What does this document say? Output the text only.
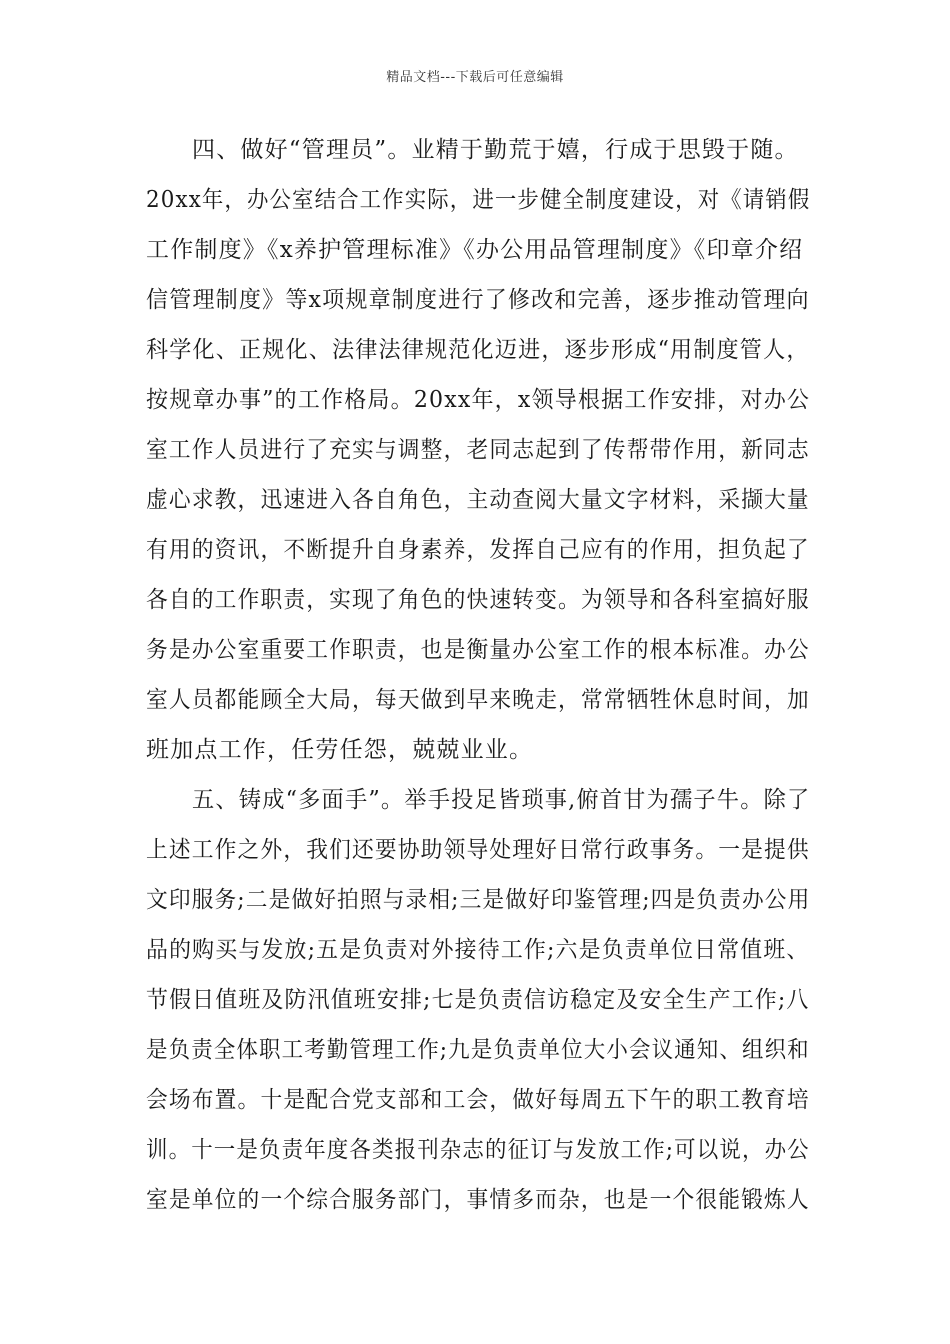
精品文档---下载后可任意编辑
四、做好“管理员”。业精于勤荒于嬉，行成于思毁于随。
20xx年，办公室结合工作实际，进一步健全制度建设，对《请销假
工作制度》《x养护管理标准》《办公用品管理制度》《印章介绍
信管理制度》等x项规章制度进行了修改和完善，逐步推动管理向
科学化、正规化、法律法律规范化迈进，逐步形成“用制度管人，
按规章办事”的工作格局。20xx年，x领导根据工作安排，对办公
室工作人员进行了充实与调整，老同志起到了传帮带作用，新同志
虚心求教，迅速进入各自角色，主动查阅大量文字材料，采撷大量
有用的资讯，不断提升自身素养，发挥自己应有的作用，担负起了
各自的工作职责，实现了角色的快速转变。为领导和各科室搞好服
务是办公室重要工作职责，也是衡量办公室工作的根本标准。办公
室人员都能顾全大局，每天做到早来晚走，常常牺牲休息时间，加
班加点工作，任劳任怨，兢兢业业。
五、铸成“多面手”。举手投足皆琐事,俯首甘为孺子牛。除了
上述工作之外，我们还要协助领导处理好日常行政事务。一是提供
文印服务;二是做好拍照与录相;三是做好印鉴管理;四是负责办公用
品的购买与发放;五是负责对外接待工作;六是负责单位日常值班、
节假日值班及防汛值班安排;七是负责信访稳定及安全生产工作;八
是负责全体职工考勤管理工作;九是负责单位大小会议通知、组织和
会场布置。十是配合党支部和工会，做好每周五下午的职工教育培
训。十一是负责年度各类报刊杂志的征订与发放工作;可以说，办公
室是单位的一个综合服务部门，事情多而杂，也是一个很能锻炼人
